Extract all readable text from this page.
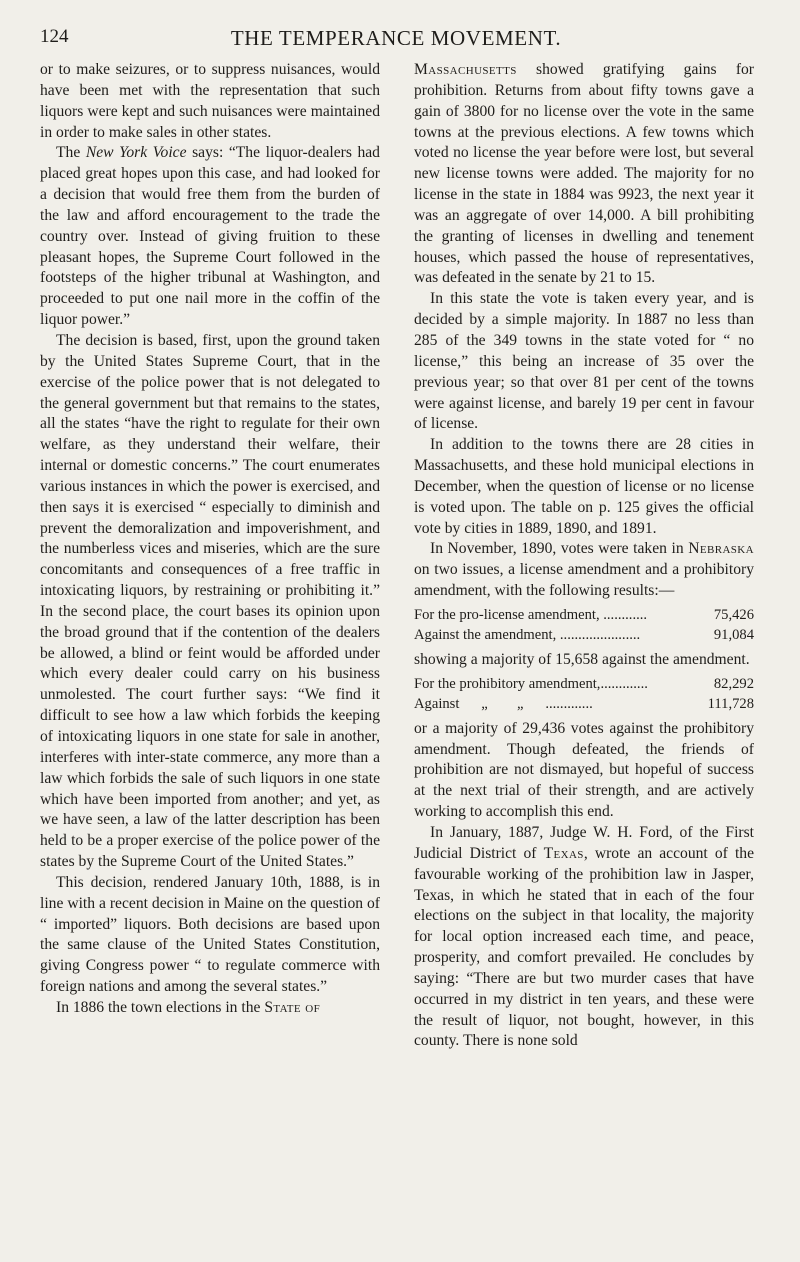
124	THE TEMPERANCE MOVEMENT.

or to make seizures, or to suppress nuisances, would have been met with the representation that such liquors were kept and such nuisances were maintained in order to make sales in other states.

The New York Voice says: “The liquor-dealers had placed great hopes upon this case, and had looked for a decision that would free them from the burden of the law and afford encouragement to the trade the country over. Instead of giving fruition to these pleasant hopes, the Supreme Court followed in the footsteps of the higher tribunal at Washington, and proceeded to put one nail more in the coffin of the liquor power.”

The decision is based, first, upon the ground taken by the United States Supreme Court, that in the exercise of the police power that is not delegated to the general government but that remains to the states, all the states “have the right to regulate for their own welfare, as they understand their welfare, their internal or domestic concerns.” The court enumerates various instances in which the power is exercised, and then says it is exercised “ especially to diminish and prevent the demoralization and impoverishment, and the numberless vices and miseries, which are the sure concomitants and consequences of a free traffic in intoxicating liquors, by restraining or prohibiting it.” In the second place, the court bases its opinion upon the broad ground that if the contention of the dealers be allowed, a blind or feint would be afforded under which every dealer could carry on his business unmolested. The court further says: “We find it difficult to see how a law which forbids the keeping of intoxicating liquors in one state for sale in another, interferes with inter-state commerce, any more than a law which forbids the sale of such liquors in one state which have been imported from another; and yet, as we have seen, a law of the latter description has been held to be a proper exercise of the police power of the states by the Supreme Court of the United States.”

This decision, rendered January 10th, 1888, is in line with a recent decision in Maine on the question of “ imported” liquors. Both decisions are based upon the same clause of the United States Constitution, giving Congress power “ to regulate commerce with foreign nations and among the several states.”

In 1886 the town elections in the State of

Massachusetts showed gratifying gains for prohibition. Returns from about fifty towns gave a gain of 3800 for no license over the vote in the same towns at the previous elections. A few towns which voted no license the year before were lost, but several new license towns were added. The majority for no license in the state in 1884 was 9923, the next year it was an aggregate of over 14,000. A bill prohibiting the granting of licenses in dwelling and tenement houses, which passed the house of representatives, was defeated in the senate by 21 to 15.

In this state the vote is taken every year, and is decided by a simple majority. In 1887 no less than 285 of the 349 towns in the state voted for “ no license,” this being an increase of 35 over the previous year; so that over 81 per cent of the towns were against license, and barely 19 per cent in favour of license.

In addition to the towns there are 28 cities in Massachusetts, and these hold municipal elections in December, when the question of license or no license is voted upon. The table on p. 125 gives the official vote by cities in 1889, 1890, and 1891.

In November, 1890, votes were taken in Nebraska on two issues, a license amendment and a prohibitory amendment, with the following results:—

For the pro-license amendment, ............	75,426
Against the amendment, ......................	91,084

showing a majority of 15,658 against the amendment.

For the prohibitory amendment,.............	82,292
Against      „        „      .............	111,728

or a majority of 29,436 votes against the prohibitory amendment. Though defeated, the friends of prohibition are not dismayed, but hopeful of success at the next trial of their strength, and are actively working to accomplish this end.

In January, 1887, Judge W. H. Ford, of the First Judicial District of Texas, wrote an account of the favourable working of the prohibition law in Jasper, Texas, in which he stated that in each of the four elections on the subject in that locality, the majority for local option increased each time, and peace, prosperity, and comfort prevailed. He concludes by saying: “There are but two murder cases that have occurred in my district in ten years, and these were the result of liquor, not bought, however, in this county. There is none sold
